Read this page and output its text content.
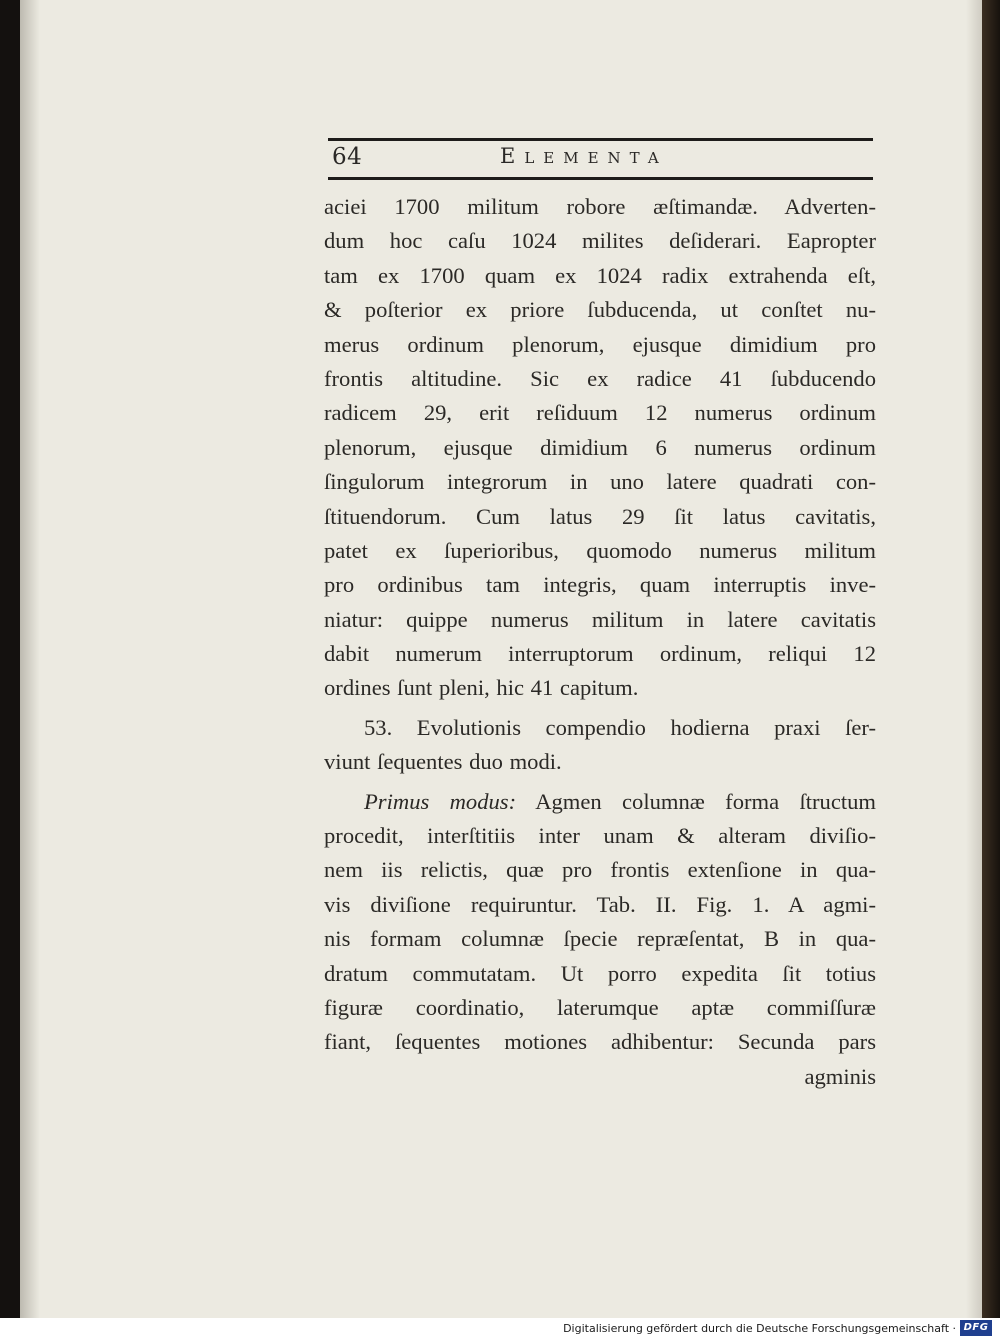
64	Elementa
aciei 1700 militum robore æſtimandæ. Adverten-
dum hoc caſu 1024 milites deſiderari. Eapropter
tam ex 1700 quam ex 1024 radix extrahenda eſt,
& poſterior ex priore ſubducenda, ut conſtet nu-
merus ordinum plenorum, ejusque dimidium pro
frontis altitudine. Sic ex radice 41 ſubducendo
radicem 29, erit reſiduum 12 numerus ordinum
plenorum, ejusque dimidium 6 numerus ordinum
ſingulorum integrorum in uno latere quadrati con-
ſtituendorum. Cum latus 29 ſit latus cavitatis,
patet ex ſuperioribus, quomodo numerus militum
pro ordinibus tam integris, quam interruptis inve-
niatur: quippe numerus militum in latere cavitatis
dabit numerum interruptorum ordinum, reliqui 12
ordines ſunt pleni, hic 41 capitum.
53. Evolutionis compendio hodierna praxi ſer-
viunt ſequentes duo modi.
Primus modus: Agmen columnæ forma ſtructum
procedit, interſtitiis inter unam & alteram diviſio-
nem iis relictis, quæ pro frontis extenſione in qua-
vis diviſione requiruntur. Tab. II. Fig. 1. A agmi-
nis formam columnæ ſpecie repræſentat, B in qua-
dratum commutatam. Ut porro expedita ſit totius
figuræ coordinatio, laterumque aptæ commiſſuræ
fiant, ſequentes motiones adhibentur: Secunda pars
agminis
Digitalisierung gefördert durch die Deutsche Forschungsgemeinschaft · DFG
